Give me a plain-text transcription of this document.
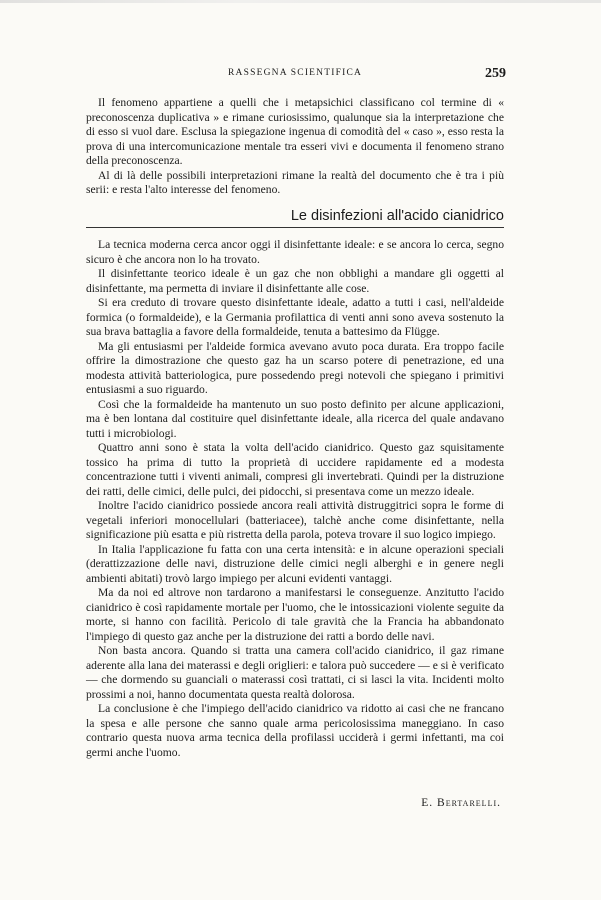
RASSEGNA SCIENTIFICA	259

Il fenomeno appartiene a quelli che i metapsichici classificano col termine di « preconoscenza duplicativa » e rimane curiosissimo, qualunque sia la interpretazione che di esso si vuol dare. Esclusa la spiegazione ingenua di comodità del « caso », esso resta la prova di una intercomunicazione mentale tra esseri vivi e documenta il fenomeno strano della preconoscenza.

Al di là delle possibili interpretazioni rimane la realtà del documento che è tra i più serii: e resta l'alto interesse del fenomeno.

Le disinfezioni all'acido cianidrico

La tecnica moderna cerca ancor oggi il disinfettante ideale: e se ancora lo cerca, segno sicuro è che ancora non lo ha trovato.

Il disinfettante teorico ideale è un gaz che non obblighi a mandare gli oggetti al disinfettante, ma permetta di inviare il disinfettante alle cose.

Si era creduto di trovare questo disinfettante ideale, adatto a tutti i casi, nell'aldeide formica (o formaldeide), e la Germania profilattica di venti anni sono aveva sostenuto la sua brava battaglia a favore della formaldeide, tenuta a battesimo da Flügge.

Ma gli entusiasmi per l'aldeide formica avevano avuto poca durata. Era troppo facile offrire la dimostrazione che questo gaz ha un scarso potere di penetrazione, ed una modesta attività batteriologica, pure possedendo pregi notevoli che spiegano i primitivi entusiasmi a suo riguardo.

Così che la formaldeide ha mantenuto un suo posto definito per alcune applicazioni, ma è ben lontana dal costituire quel disinfettante ideale, alla ricerca del quale andavano tutti i microbiologi.

Quattro anni sono è stata la volta dell'acido cianidrico. Questo gaz squisitamente tossico ha prima di tutto la proprietà di uccidere rapidamente ed a modesta concentrazione tutti i viventi animali, compresi gli invertebrati. Quindi per la distruzione dei ratti, delle cimici, delle pulci, dei pidocchi, si presentava come un mezzo ideale.

Inoltre l'acido cianidrico possiede ancora reali attività distruggitrici sopra le forme di vegetali inferiori monocellulari (batteriacee), talchè anche come disinfettante, nella significazione più esatta e più ristretta della parola, poteva trovare il suo logico impiego.

In Italia l'applicazione fu fatta con una certa intensità: e in alcune operazioni speciali (derattizzazione delle navi, distruzione delle cimici negli alberghi e in genere negli ambienti abitati) trovò largo impiego per alcuni evidenti vantaggi.

Ma da noi ed altrove non tardarono a manifestarsi le conseguenze. Anzitutto l'acido cianidrico è così rapidamente mortale per l'uomo, che le intossicazioni violente seguite da morte, si hanno con facilità. Pericolo di tale gravità che la Francia ha abbandonato l'impiego di questo gaz anche per la distruzione dei ratti a bordo delle navi.

Non basta ancora. Quando si tratta una camera coll'acido cianidrico, il gaz rimane aderente alla lana dei materassi e degli origlieri: e talora può succedere — e si è verificato — che dormendo su guanciali o materassi così trattati, ci si lasci la vita. Incidenti molto prossimi a noi, hanno documentata questa realtà dolorosa.

La conclusione è che l'impiego dell'acido cianidrico va ridotto ai casi che ne francano la spesa e alle persone che sanno quale arma pericolosissima maneggiano. In caso contrario questa nuova arma tecnica della profilassi ucciderà i germi infettanti, ma coi germi anche l'uomo.

E. Bertarelli.
